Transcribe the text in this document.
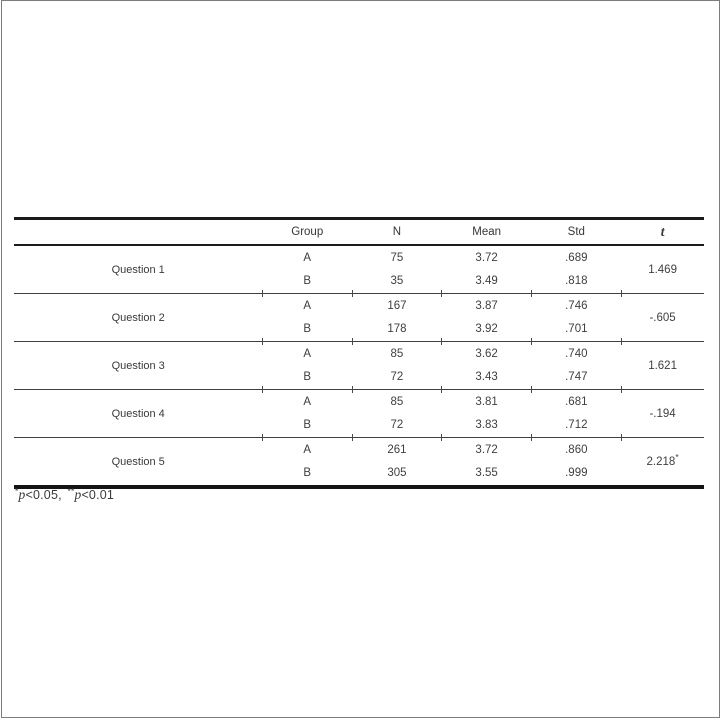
	Group	N	Mean	Std	t
Question 1	A	75	3.72	.689	1.469
	B	35	3.49	.818	
Question 2	A	167	3.87	.746	-.605
	B	178	3.92	.701	
Question 3	A	85	3.62	.740	1.621
	B	72	3.43	.747	
Question 4	A	85	3.81	.681	-.194
	B	72	3.83	.712	
Question 5	A	261	3.72	.860	2.218*
	B	305	3.55	.999	
*p<0.05, **p<0.01
